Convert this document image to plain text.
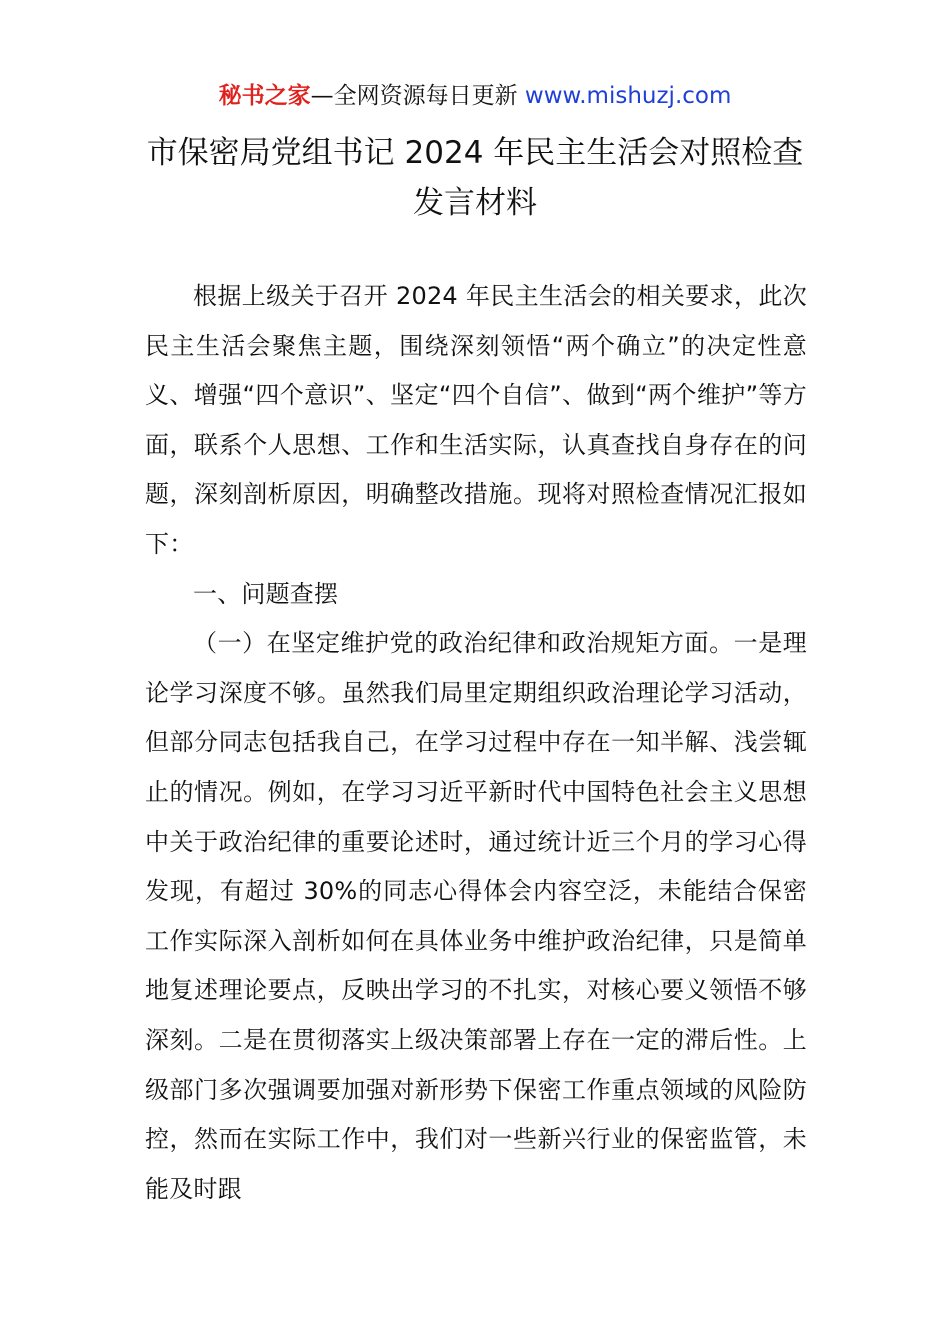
秘书之家—全网资源每日更新 www.mishuzj.com
市保密局党组书记 2024 年民主生活会对照检查
发言材料

根据上级关于召开 2024 年民主生活会的相关要求，此次民主生活会聚焦主题，围绕深刻领悟“两个确立”的决定性意义、增强“四个意识”、坚定“四个自信”、做到“两个维护”等方面，联系个人思想、工作和生活实际，认真查找自身存在的问题，深刻剖析原因，明确整改措施。现将对照检查情况汇报如下：

一、问题查摆

（一）在坚定维护党的政治纪律和政治规矩方面。一是理论学习深度不够。虽然我们局里定期组织政治理论学习活动，但部分同志包括我自己，在学习过程中存在一知半解、浅尝辄止的情况。例如，在学习习近平新时代中国特色社会主义思想中关于政治纪律的重要论述时，通过统计近三个月的学习心得发现，有超过 30%的同志心得体会内容空泛，未能结合保密工作实际深入剖析如何在具体业务中维护政治纪律，只是简单地复述理论要点，反映出学习的不扎实，对核心要义领悟不够深刻。二是在贯彻落实上级决策部署上存在一定的滞后性。上级部门多次强调要加强对新形势下保密工作重点领域的风险防控，然而在实际工作中，我们对一些新兴行业的保密监管，未能及时跟
